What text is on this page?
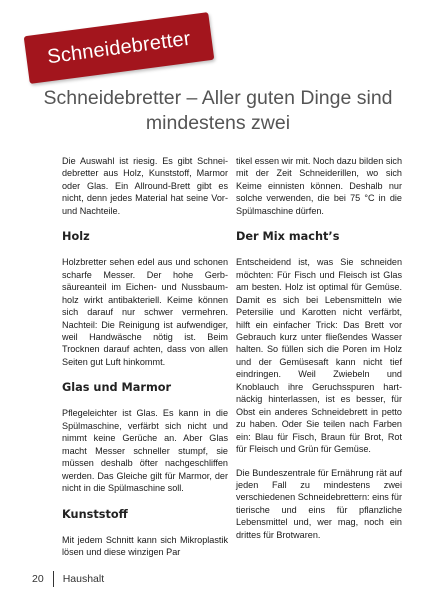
Schneidebretter
Schneidebretter – Aller guten Dinge sind mindestens zwei

Die Auswahl ist riesig. Es gibt Schneidebretter aus Holz, Kunststoff, Marmor oder Glas. Ein Allround-Brett gibt es nicht, denn jedes Material hat seine Vor- und Nachteile.

Holz

Holzbretter sehen edel aus und schonen scharfe Messer. Der hohe Gerbsäureanteil im Eichen- und Nussbaumholz wirkt antibakteriell. Keime können sich darauf nur schwer vermehren. Nachteil: Die Reinigung ist aufwendiger, weil Handwäsche nötig ist. Beim Trocknen darauf achten, dass von allen Seiten gut Luft hinkommt.

Glas und Marmor

Pflegeleichter ist Glas. Es kann in die Spülmaschine, verfärbt sich nicht und nimmt keine Gerüche an. Aber Glas macht Messer schneller stumpf, sie müssen deshalb öfter nachgeschliffen werden. Das Gleiche gilt für Marmor, der nicht in die Spülmaschine soll.

Kunststoff

Mit jedem Schnitt kann sich Mikroplastik lösen und diese winzigen Par

tikel essen wir mit. Noch dazu bilden sich mit der Zeit Schneiderillen, wo sich Keime einnisten können. Deshalb nur solche verwenden, die bei 75 °C in die Spülmaschine dürfen.

Der Mix macht’s

Entscheidend ist, was Sie schneiden möchten: Für Fisch und Fleisch ist Glas am besten. Holz ist optimal für Gemüse. Damit es sich bei Lebensmitteln wie Petersilie und Karotten nicht verfärbt, hilft ein einfacher Trick: Das Brett vor Gebrauch kurz unter fließendes Wasser halten. So füllen sich die Poren im Holz und der Gemüsesaft kann nicht tief eindringen. Weil Zwiebeln und Knoblauch ihre Geruchsspuren hartnäckig hinterlassen, ist es besser, für Obst ein anderes Schneidebrett in petto zu haben. Oder Sie teilen nach Farben ein: Blau für Fisch, Braun für Brot, Rot für Fleisch und Grün für Gemüse.

Die Bundeszentrale für Ernährung rät auf jeden Fall zu mindestens zwei verschiedenen Schneidebrettern: eins für tierische und eins für pflanzliche Lebensmittel und, wer mag, noch ein drittes für Brotwaren.

20 Haushalt
